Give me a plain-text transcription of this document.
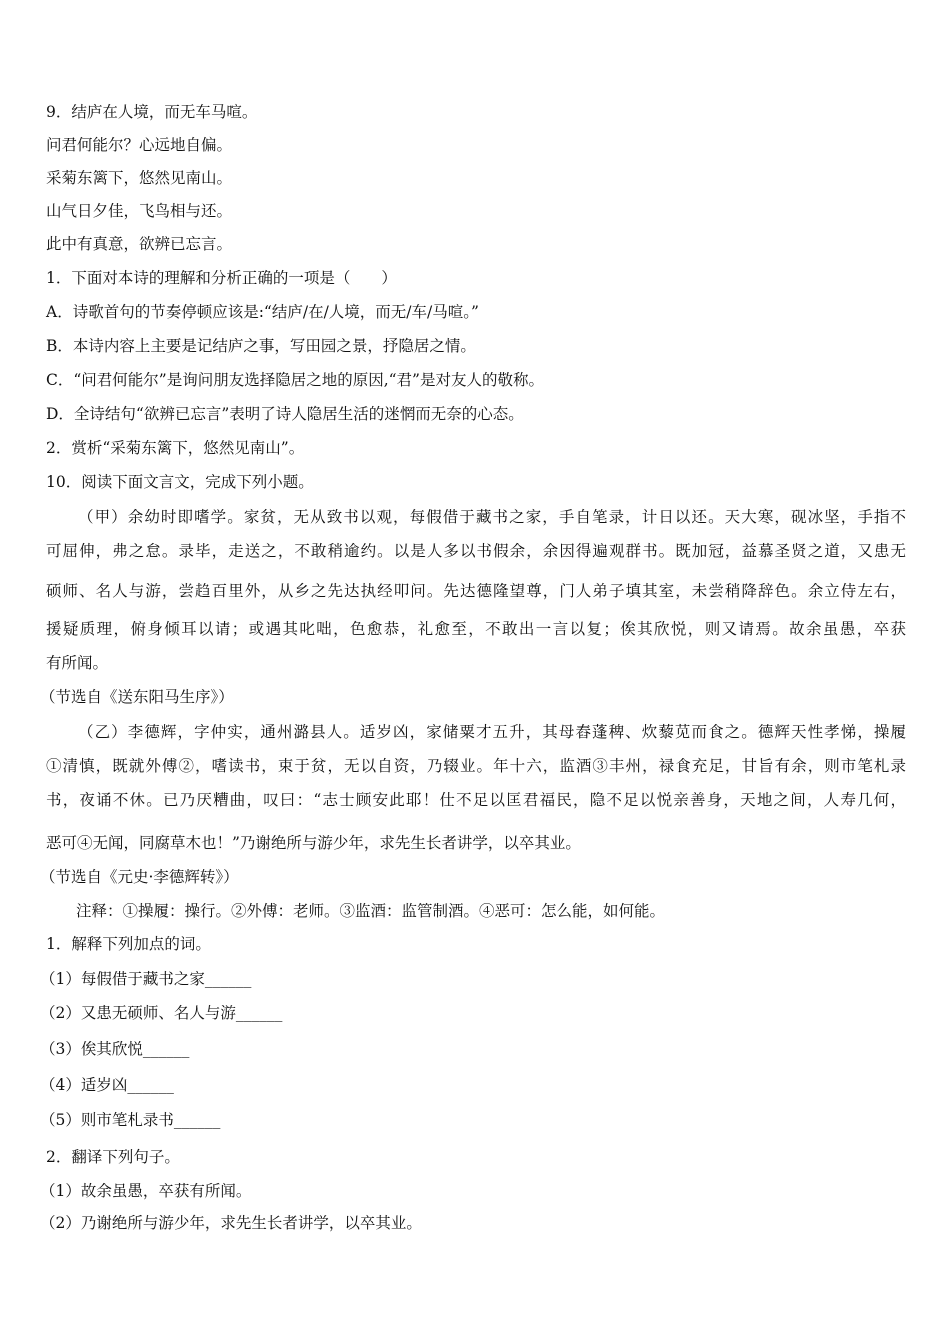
9．结庐在人境，而无车马喧。
问君何能尔？心远地自偏。
采菊东篱下，悠然见南山。
山气日夕佳，飞鸟相与还。
此中有真意，欲辨已忘言。
1．下面对本诗的理解和分析正确的一项是（　　）
A．诗歌首句的节奏停顿应该是:“结庐/在/人境，而无/车/马喧。”
B．本诗内容上主要是记结庐之事，写田园之景，抒隐居之情。
C．“问君何能尔”是询问朋友选择隐居之地的原因,“君”是对友人的敬称。
D．全诗结句“欲辨已忘言”表明了诗人隐居生活的迷惘而无奈的心态。
2．赏析“采菊东篱下，悠然见南山”。
10．阅读下面文言文，完成下列小题。
（甲）余幼时即嗜学。家贫，无从致书以观，每假借于藏书之家，手自笔录，计日以还。天大寒，砚冰坚，手指不
可屈伸，弗之怠。录毕，走送之，不敢稍逾约。以是人多以书假余，余因得遍观群书。既加冠，益慕圣贤之道，又患无
硕师、名人与游，尝趋百里外，从乡之先达执经叩问。先达德隆望尊，门人弟子填其室，未尝稍降辞色。余立侍左右，
援疑质理，俯身倾耳以请；或遇其叱咄，色愈恭，礼愈至，不敢出一言以复；俟其欣悦，则又请焉。故余虽愚，卒获
有所闻。
（节选自《送东阳马生序》）
（乙）李德辉，字仲实，通州潞县人。适岁凶，家储粟才五升，其母舂蓬稗、炊藜苋而食之。德辉天性孝悌，操履
①清慎，既就外傅②，嗜读书，束于贫，无以自资，乃辍业。年十六，监酒③丰州，禄食充足，甘旨有余，则市笔札录
书，夜诵不休。已乃厌糟曲，叹曰：“志士顾安此耶！仕不足以匡君福民，隐不足以悦亲善身，天地之间，人寿几何，
恶可④无闻，同腐草木也！”乃谢绝所与游少年，求先生长者讲学，以卒其业。
（节选自《元史·李德辉转》）
注释：①操履：操行。②外傅：老师。③监酒：监管制酒。④恶可：怎么能，如何能。
1．解释下列加点的词。
（1）每假借于藏书之家______
（2）又患无硕师、名人与游______
（3）俟其欣悦______
（4）适岁凶______
（5）则市笔札录书______
2．翻译下列句子。
（1）故余虽愚，卒获有所闻。
（2）乃谢绝所与游少年，求先生长者讲学，以卒其业。
